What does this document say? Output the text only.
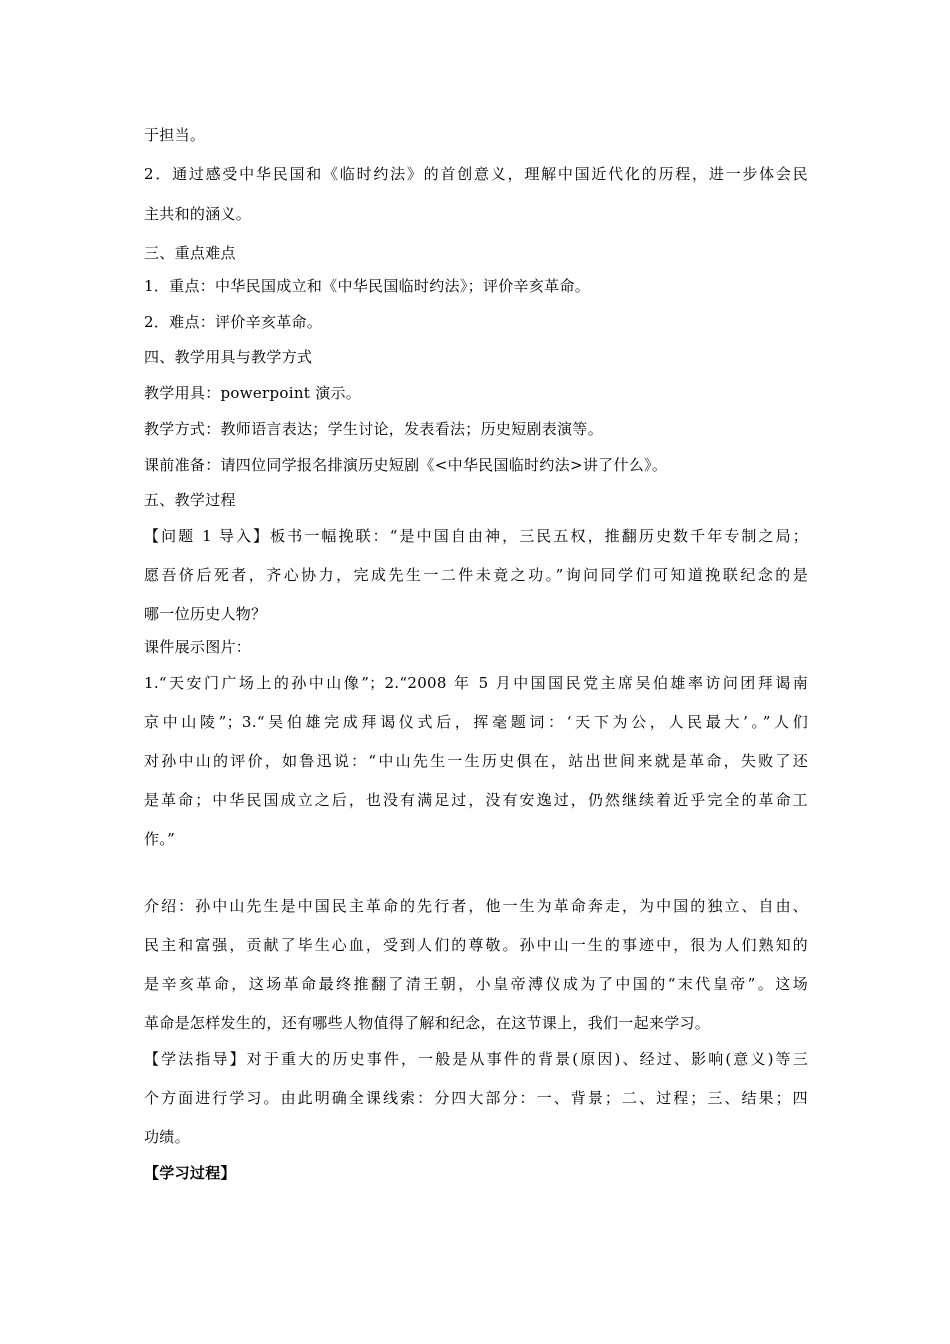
于担当。
2．通过感受中华民国和《临时约法》的首创意义，理解中国近代化的历程，进一步体会民
主共和的涵义。
三、重点难点
1．重点：中华民国成立和《中华民国临时约法》；评价辛亥革命。
2．难点：评价辛亥革命。
四、教学用具与教学方式
教学用具：powerpoint 演示。
教学方式：教师语言表达；学生讨论，发表看法；历史短剧表演等。
课前准备：请四位同学报名排演历史短剧《<中华民国临时约法>讲了什么》。
五、教学过程
【问题 1 导入】板书一幅挽联：“是中国自由神，三民五权，推翻历史数千年专制之局；
愿吾侪后死者，齐心协力，完成先生一二件未竟之功。”询问同学们可知道挽联纪念的是
哪一位历史人物？
课件展示图片：
1.“天安门广场上的孙中山像”；2.“2008 年 5 月中国国民党主席吴伯雄率访问团拜谒南
京中山陵”；3.“吴伯雄完成拜谒仪式后，挥毫题词：‘天下为公，人民最大’。”人们
对孙中山的评价，如鲁迅说：“中山先生一生历史俱在，站出世间来就是革命，失败了还
是革命；中华民国成立之后，也没有满足过，没有安逸过，仍然继续着近乎完全的革命工
作。”
介绍：孙中山先生是中国民主革命的先行者，他一生为革命奔走，为中国的独立、自由、
民主和富强，贡献了毕生心血，受到人们的尊敬。孙中山一生的事迹中，很为人们熟知的
是辛亥革命，这场革命最终推翻了清王朝，小皇帝溥仪成为了中国的“末代皇帝”。这场
革命是怎样发生的，还有哪些人物值得了解和纪念，在这节课上，我们一起来学习。
【学法指导】对于重大的历史事件，一般是从事件的背景(原因)、经过、影响(意义)等三
个方面进行学习。由此明确全课线索：分四大部分：一、背景；二、过程；三、结果；四
功绩。
【学习过程】
